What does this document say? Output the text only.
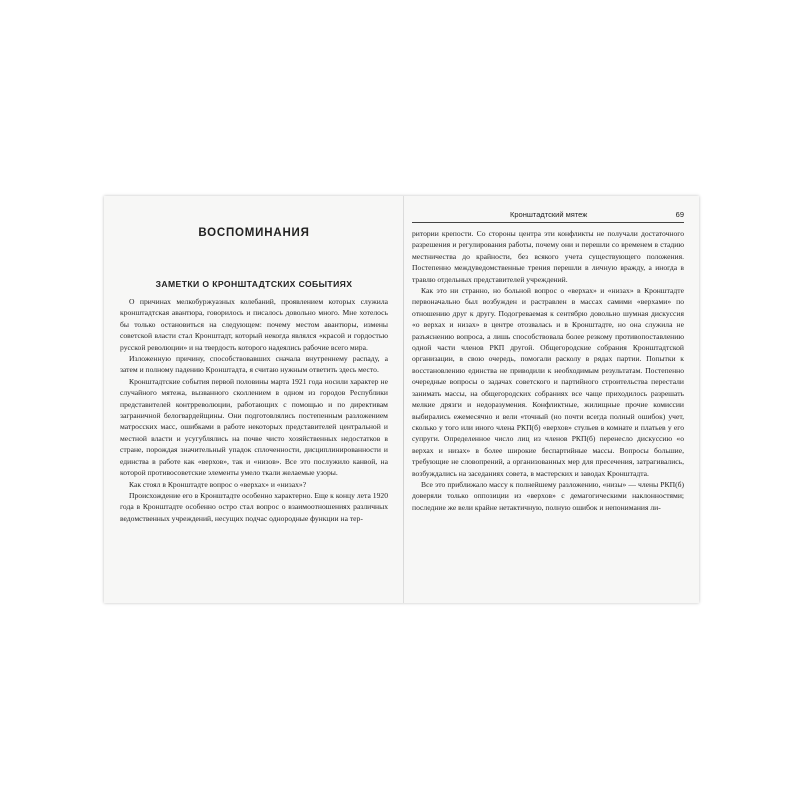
ВОСПОМИНАНИЯ
ЗАМЕТКИ О КРОНШТАДТСКИХ СОБЫТИЯХ

О причинах мелкобуржуазных колебаний, проявлением которых служила кронштадтская авантюра, говорилось и писалось довольно много. Мне хотелось бы только остановиться на следующем: почему местом авантюры, измены советской власти стал Кронштадт, который некогда являлся «красой и гордостью русской революции» и на твердость которого надеялись рабочие всего мира.

Изложенную причину, способствовавших сначала внутреннему распаду, а затем и полному падению Кронштадта, я считаю нужным ответить здесь место.

Кронштадтские события первой половины марта 1921 года носили характер не случайного мятежа, вызванного сколлением в одном из городов Республики представителей контрреволюции, работающих с помощью и по директивам заграничной белогвардейщины. Они подготовлялись постепенным разложением матросских масс, ошибками в работе некоторых представителей центральной и местной власти и усугублялись на почве чисто хозяйственных недостатков в стране, порождая значительный упадок сплоченности, дисциплинированности и единства в работе как «верхов», так и «низов». Все это послужило канвой, на которой противосоветские элементы умело ткали желаемые узоры.

Как стоял в Кронштадте вопрос о «верхах» и «низах»?

Происхождение его в Кронштадте особенно характерно. Еще к концу лета 1920 года в Кронштадте особенно остро стал вопрос о взаимоотношениях различных ведомственных учреждений, несущих подчас однородные функции на тер-

Кронштадтский мятеж	69

ритории крепости. Со стороны центра эти конфликты не получали достаточного разрешения и регулирования работы, почему они и перешли со временем в стадию местничества до крайности, без всякого учета существующего положения. Постепенно междуведомственные трения перешли в личную вражду, а иногда в травлю отдельных представителей учреждений.

Как это ни странно, но больной вопрос о «верхах» и «низах» в Кронштадте первоначально был возбужден и растравлен в массах самими «верхами» по отношению друг к другу. Подогреваемая к сентябрю довольно шумная дискуссия «о верхах и низах» в центре отозвалась и в Кронштадте, но она служила не разъяснению вопроса, а лишь способствовала более резкому противопоставлению одной части членов РКП другой. Общегородские собрания Кронштадтской организации, в свою очередь, помогали расколу в рядах партии. Попытки к восстановлению единства не приводили к необходимым результатам. Постепенно очередные вопросы о задачах советского и партийного строительства перестали занимать массы, на общегородских собраниях все чаще приходилось разрешать мелкие дрязги и недоразумения. Конфликтные, жилищные прочие комиссии выбирались ежемесячно и вели «точный (но почти всегда полный ошибок) учет, сколько у того или иного члена РКП(б) «верхов» стульев в комнате и платьев у его супруги. Определенное число лиц из членов РКП(б) перенесло дискуссию «о верхах и низах» в более широкие беспартийные массы. Вопросы большие, требующие не словопрений, а организованных мер для пресечения, затрагивались, возбуждались на заседаниях совета, в мастерских и заводах Кронштадта.

Все это приближало массу к полнейшему разложению, «низы» — члены РКП(б) доверяли только оппозиции из «верхов» с демагогическими наклонностями; последние же вели крайне нетактичную, полную ошибок и непонимания ли-
